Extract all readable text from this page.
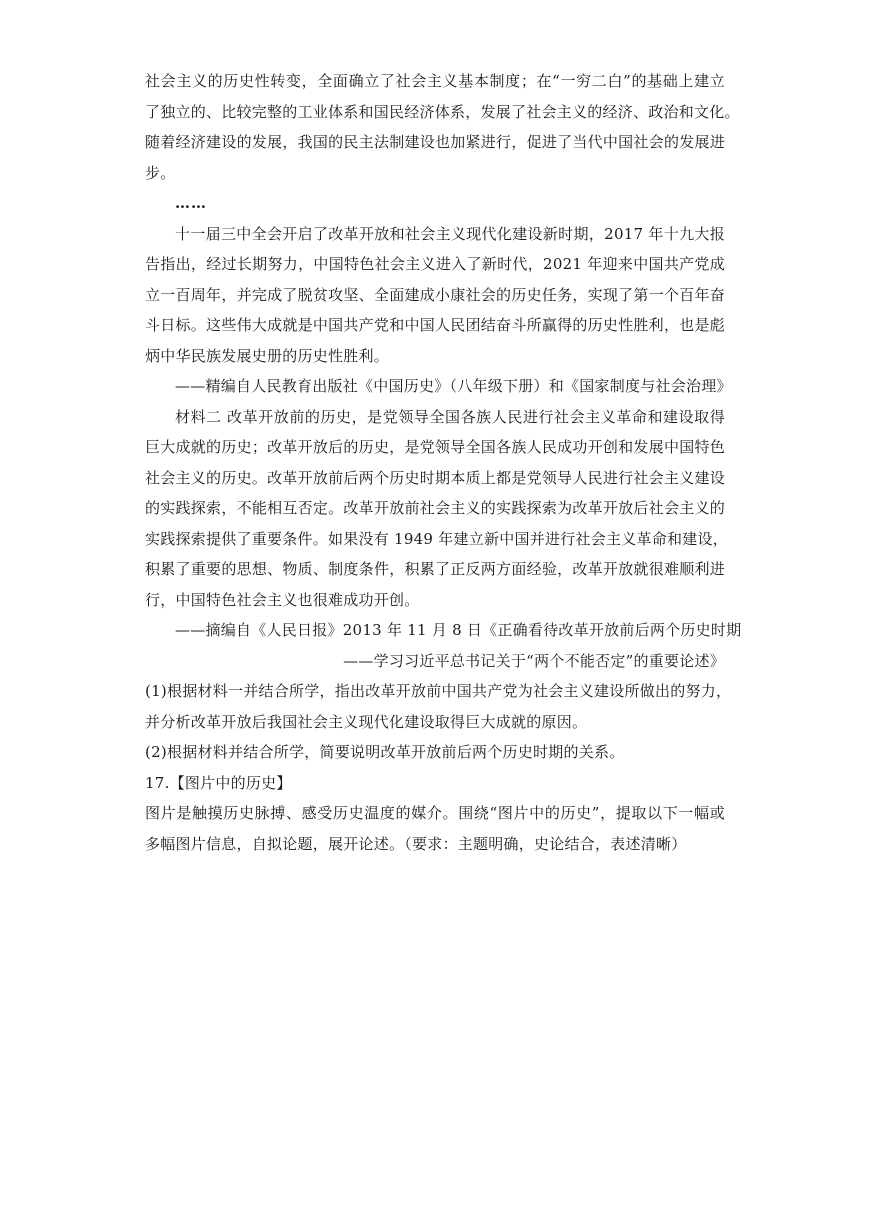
社会主义的历史性转变，全面确立了社会主义基本制度；在“一穷二白”的基础上建立
了独立的、比较完整的工业体系和国民经济体系，发展了社会主义的经济、政治和文化。
随着经济建设的发展，我国的民主法制建设也加紧进行，促进了当代中国社会的发展进
步。
……
十一届三中全会开启了改革开放和社会主义现代化建设新时期，2017 年十九大报
告指出，经过长期努力，中国特色社会主义进入了新时代，2021 年迎来中国共产党成
立一百周年，并完成了脱贫攻坚、全面建成小康社会的历史任务，实现了第一个百年奋
斗日标。这些伟大成就是中国共产党和中国人民团结奋斗所赢得的历史性胜利，也是彪
炳中华民族发展史册的历史性胜利。
——精编自人民教育出版社《中国历史》（八年级下册）和《国家制度与社会治理》
材料二 改革开放前的历史，是党领导全国各族人民进行社会主义革命和建设取得
巨大成就的历史；改革开放后的历史，是党领导全国各族人民成功开创和发展中国特色
社会主义的历史。改革开放前后两个历史时期本质上都是党领导人民进行社会主义建设
的实践探索，不能相互否定。改革开放前社会主义的实践探索为改革开放后社会主义的
实践探索提供了重要条件。如果没有 1949 年建立新中国并进行社会主义革命和建设，
积累了重要的思想、物质、制度条件，积累了正反两方面经验，改革开放就很难顺利进
行，中国特色社会主义也很难成功开创。
——摘编自《人民日报》2013 年 11 月 8 日《正确看待改革开放前后两个历史时期
——学习习近平总书记关于“两个不能否定”的重要论述》
(1)根据材料一并结合所学，指出改革开放前中国共产党为社会主义建设所做出的努力，
并分析改革开放后我国社会主义现代化建设取得巨大成就的原因。
(2)根据材料并结合所学，简要说明改革开放前后两个历史时期的关系。
17.【图片中的历史】
图片是触摸历史脉搏、感受历史温度的媒介。围绕“图片中的历史”，提取以下一幅或
多幅图片信息，自拟论题，展开论述。（要求：主题明确，史论结合，表述清晰）
